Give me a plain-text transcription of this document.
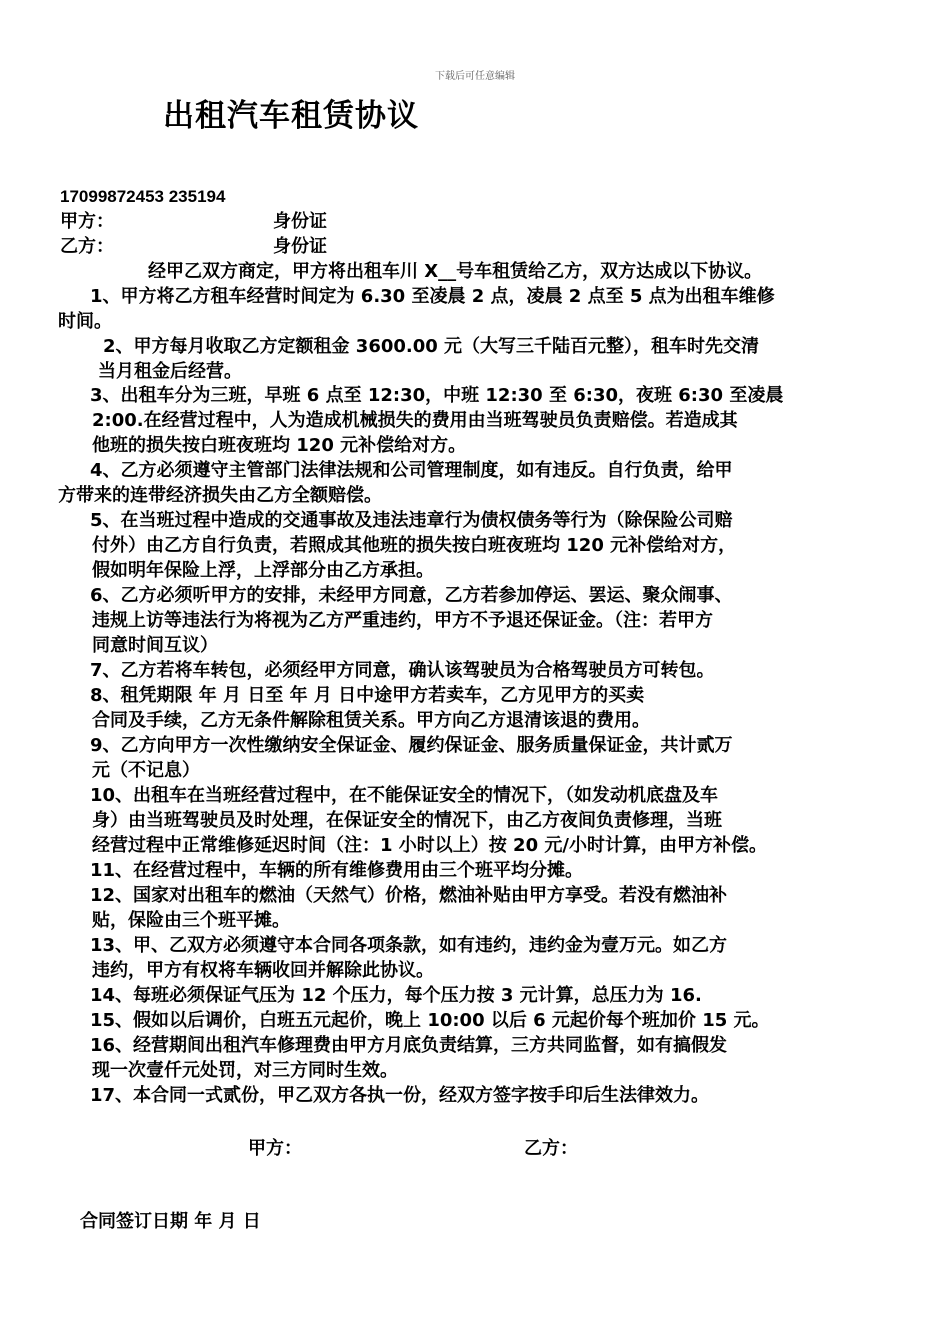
下载后可任意编辑
出租汽车租赁协议
17099872453 235194
甲方：	身份证
乙方：	身份证
经甲乙双方商定，甲方将出租车川 X__号车租赁给乙方，双方达成以下协议。
1、甲方将乙方租车经营时间定为 6.30 至凌晨 2 点，凌晨 2 点至 5 点为出租车维修
时间。
2、甲方每月收取乙方定额租金 3600.00 元（大写三千陆百元整），租车时先交清
当月租金后经营。
3、出租车分为三班，早班 6 点至 12:30，中班 12:30 至 6:30，夜班 6:30 至凌晨
2:00.在经营过程中，人为造成机械损失的费用由当班驾驶员负责赔偿。若造成其
他班的损失按白班夜班均 120 元补偿给对方。
4、乙方必须遵守主管部门法律法规和公司管理制度，如有违反。自行负责，给甲
方带来的连带经济损失由乙方全额赔偿。
5、在当班过程中造成的交通事故及违法违章行为债权债务等行为（除保险公司赔
付外）由乙方自行负责，若照成其他班的损失按白班夜班均 120 元补偿给对方，
假如明年保险上浮，上浮部分由乙方承担。
6、乙方必须听甲方的安排，未经甲方同意，乙方若参加停运、罢运、聚众闹事、
违规上访等违法行为将视为乙方严重违约，甲方不予退还保证金。（注：若甲方
同意时间互议）
7、乙方若将车转包，必须经甲方同意，确认该驾驶员为合格驾驶员方可转包。
8、租凭期限 年 月 日至 年 月 日中途甲方若卖车，乙方见甲方的买卖
合同及手续，乙方无条件解除租赁关系。甲方向乙方退清该退的费用。
9、乙方向甲方一次性缴纳安全保证金、履约保证金、服务质量保证金，共计贰万
元（不记息）
10、出租车在当班经营过程中，在不能保证安全的情况下，（如发动机底盘及车
身）由当班驾驶员及时处理，在保证安全的情况下，由乙方夜间负责修理，当班
经营过程中正常维修延迟时间（注：1 小时以上）按 20 元/小时计算，由甲方补偿。
11、在经营过程中，车辆的所有维修费用由三个班平均分摊。
12、国家对出租车的燃油（天然气）价格，燃油补贴由甲方享受。若没有燃油补
贴，保险由三个班平摊。
13、甲、乙双方必须遵守本合同各项条款，如有违约，违约金为壹万元。如乙方
违约，甲方有权将车辆收回并解除此协议。
14、每班必须保证气压为 12 个压力，每个压力按 3 元计算，总压力为 16.
15、假如以后调价，白班五元起价，晚上 10:00 以后 6 元起价每个班加价 15 元。
16、经营期间出租汽车修理费由甲方月底负责结算，三方共同监督，如有搞假发
现一次壹仟元处罚，对三方同时生效。
17、本合同一式贰份，甲乙双方各执一份，经双方签字按手印后生法律效力。
甲方：	乙方：
合同签订日期 年 月 日
